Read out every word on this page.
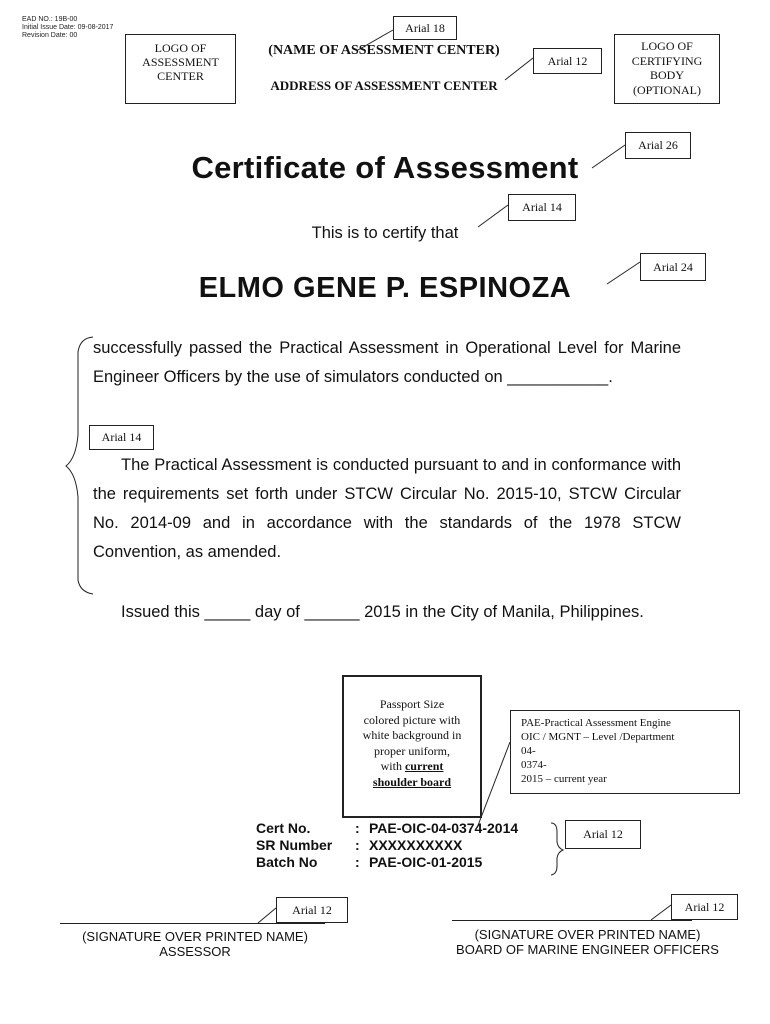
EAD NO.: 19B-00
Initial Issue Date: 09-08-2017
Revision Date: 00
LOGO OF
ASSESSMENT
CENTER
Arial 18
(NAME OF ASSESSMENT CENTER)
ADDRESS OF ASSESSMENT CENTER
Arial 12
LOGO OF
CERTIFYING
BODY
(OPTIONAL)
Arial 26
Certificate of Assessment
Arial 14
This is to certify that
Arial 24
ELMO GENE P. ESPINOZA
successfully passed the Practical Assessment in Operational Level for Marine Engineer Officers by the use of simulators conducted on ___________.
Arial 14
The Practical Assessment is conducted pursuant to and in conformance with the requirements set forth under STCW Circular No. 2015-10, STCW Circular No. 2014-09 and in accordance with the standards of the 1978 STCW Convention, as amended.
Issued this _____ day of ______ 2015 in the City of Manila, Philippines.
Passport Size
colored picture with
white background in
proper uniform,
with current
shoulder board
PAE-Practical Assessment Engine
OIC / MGNT – Level /Department
04-
0374-
2015 – current year
Cert No.	: PAE-OIC-04-0374-2014
SR Number	: XXXXXXXXXX
Batch No	: PAE-OIC-01-2015
Arial 12
Arial 12	Arial 12
(SIGNATURE OVER PRINTED NAME)
ASSESSOR
(SIGNATURE OVER PRINTED NAME)
BOARD OF MARINE ENGINEER OFFICERS
